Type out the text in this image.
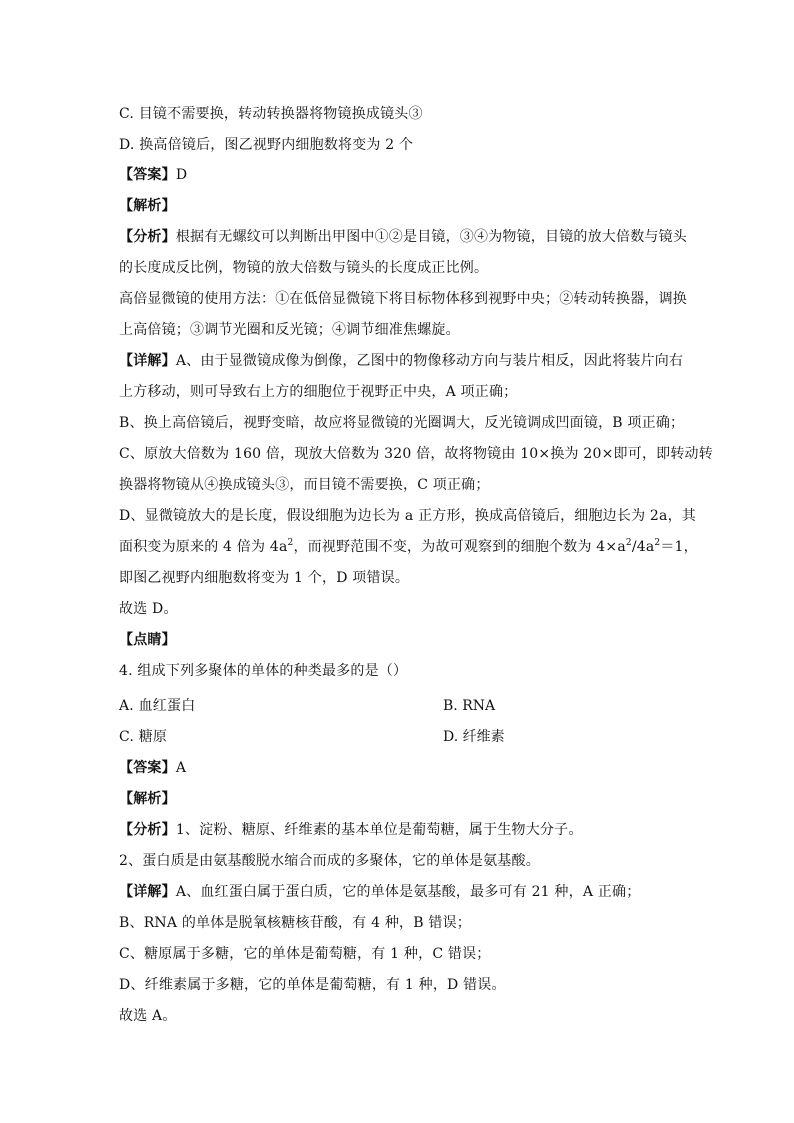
C. 目镜不需要换，转动转换器将物镜换成镜头③
D. 换高倍镜后，图乙视野内细胞数将变为 2 个
【答案】D
【解析】
【分析】根据有无螺纹可以判断出甲图中①②是目镜，③④为物镜，目镜的放大倍数与镜头
的长度成反比例，物镜的放大倍数与镜头的长度成正比例。
高倍显微镜的使用方法：①在低倍显微镜下将目标物体移到视野中央；②转动转换器，调换
上高倍镜；③调节光圈和反光镜；④调节细准焦螺旋。
【详解】A、由于显微镜成像为倒像，乙图中的物像移动方向与装片相反，因此将装片向右
上方移动，则可导致右上方的细胞位于视野正中央，A 项正确；
B、换上高倍镜后，视野变暗，故应将显微镜的光圈调大，反光镜调成凹面镜，B 项正确；
C、原放大倍数为 160 倍，现放大倍数为 320 倍，故将物镜由 10×换为 20×即可，即转动转
换器将物镜从④换成镜头③，而目镜不需要换，C 项正确；
D、显微镜放大的是长度，假设细胞为边长为 a 正方形，换成高倍镜后，细胞边长为 2a，其
面积变为原来的 4 倍为 $4a^2$，而视野范围不变，为故可观察到的细胞个数为 $4\times a^2/4a^2=1$，
即图乙视野内细胞数将变为 1 个，D 项错误。
故选 D。
【点睛】
4. 组成下列多聚体的单体的种类最多的是（）
A. 血红蛋白	B. RNA
C. 糖原	D. 纤维素
【答案】A
【解析】
【分析】1、淀粉、糖原、纤维素的基本单位是葡萄糖，属于生物大分子。
2、蛋白质是由氨基酸脱水缩合而成的多聚体，它的单体是氨基酸。
【详解】A、血红蛋白属于蛋白质，它的单体是氨基酸，最多可有 21 种，A 正确；
B、RNA 的单体是脱氧核糖核苷酸，有 4 种，B 错误；
C、糖原属于多糖，它的单体是葡萄糖，有 1 种，C 错误；
D、纤维素属于多糖，它的单体是葡萄糖，有 1 种，D 错误。
故选 A。
